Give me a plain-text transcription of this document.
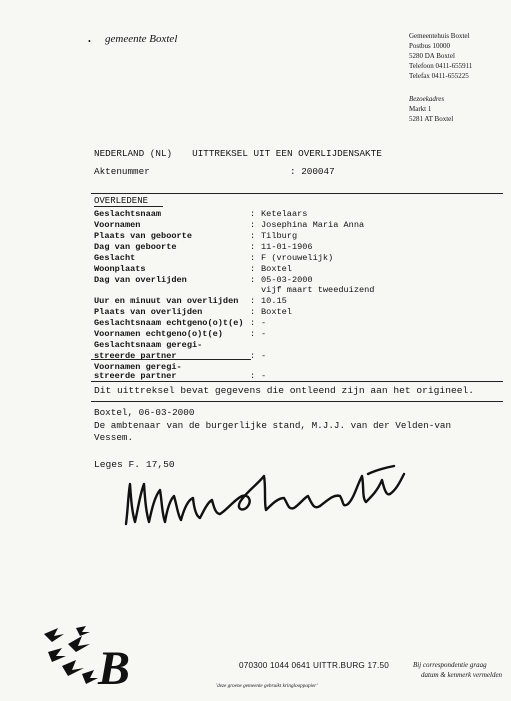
• gemeente Boxtel	Gemeentehuis Boxtel
Postbus 10000
5280 DA Boxtel
Telefoon 0411-655911
Telefax 0411-655225
Bezoekadres
Markt 1
5281 AT Boxtel
NEDERLAND (NL) UITTREKSEL UIT EEN OVERLIJDENSAKTE
Aktenummer	: 200047
OVERLEDENE
Geslachtsnaam	: Ketelaars
Voornamen	: Josephina Maria Anna
Plaats van geboorte	: Tilburg
Dag van geboorte	: 11-01-1906
Geslacht	: F (vrouwelijk)
Woonplaats	: Boxtel
Dag van overlijden	: 05-03-2000
vijf maart tweeduizend
Uur en minuut van overlijden : 10.15
Plaats van overlijden	: Boxtel
Geslachtsnaam echtgeno(o)t(e) : -
Voornamen echtgeno(o)t(e)	: -
Geslachtsnaam geregi-
streerde partner	: -
Voornamen geregi-
streerde partner	: -
Dit uittreksel bevat gegevens die ontleend zijn aan het origineel.
Boxtel, 06-03-2000
De ambtenaar van de burgerlijke stand, M.J.J. van der Velden-van
Vessem.
Leges F. 17,50
B	070300 1044 0641 UITTR.BURG 17.50
'deze groene gemeente gebruikt kringlooppapier'
Bij correspondentie graag
datum & kenmerk vermelden
